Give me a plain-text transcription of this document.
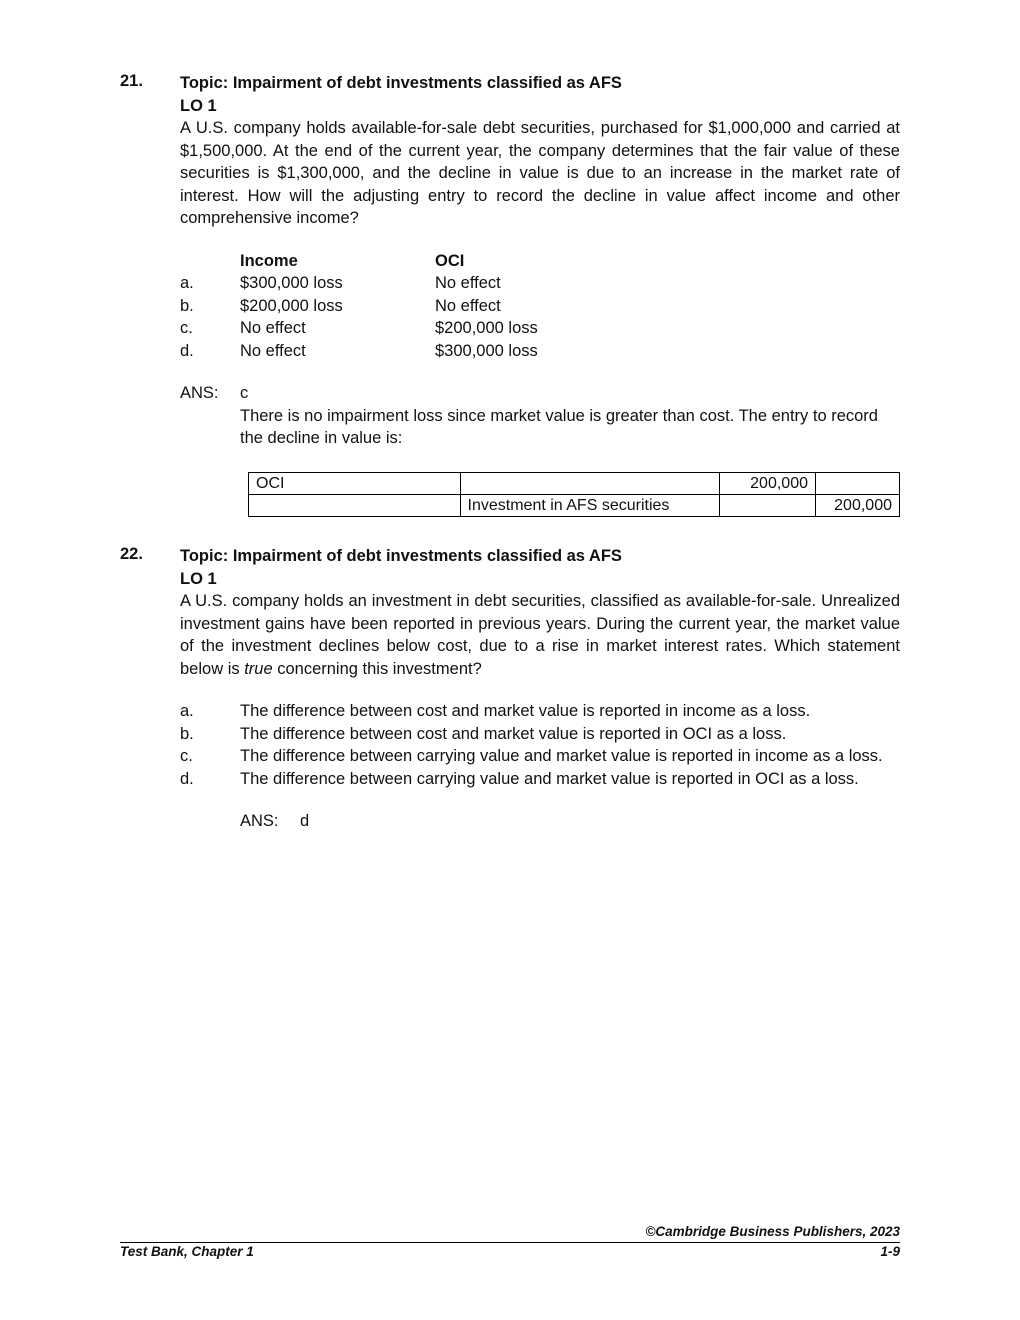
21. Topic: Impairment of debt investments classified as AFS
LO 1
A U.S. company holds available-for-sale debt securities, purchased for $1,000,000 and carried at $1,500,000. At the end of the current year, the company determines that the fair value of these securities is $1,300,000, and the decline in value is due to an increase in the market rate of interest. How will the adjusting entry to record the decline in value affect income and other comprehensive income?
Income	OCI
a.	$300,000 loss	No effect
b.	$200,000 loss	No effect
c.	No effect	$200,000 loss
d.	No effect	$300,000 loss
ANS: c
There is no impairment loss since market value is greater than cost. The entry to record the decline in value is:
OCI		200,000	
	Investment in AFS securities		200,000
22. Topic: Impairment of debt investments classified as AFS
LO 1
A U.S. company holds an investment in debt securities, classified as available-for-sale. Unrealized investment gains have been reported in previous years. During the current year, the market value of the investment declines below cost, due to a rise in market interest rates. Which statement below is true concerning this investment?
a.	The difference between cost and market value is reported in income as a loss.
b.	The difference between cost and market value is reported in OCI as a loss.
c.	The difference between carrying value and market value is reported in income as a loss.
d.	The difference between carrying value and market value is reported in OCI as a loss.
ANS: d
©Cambridge Business Publishers, 2023
Test Bank, Chapter 1	1-9
